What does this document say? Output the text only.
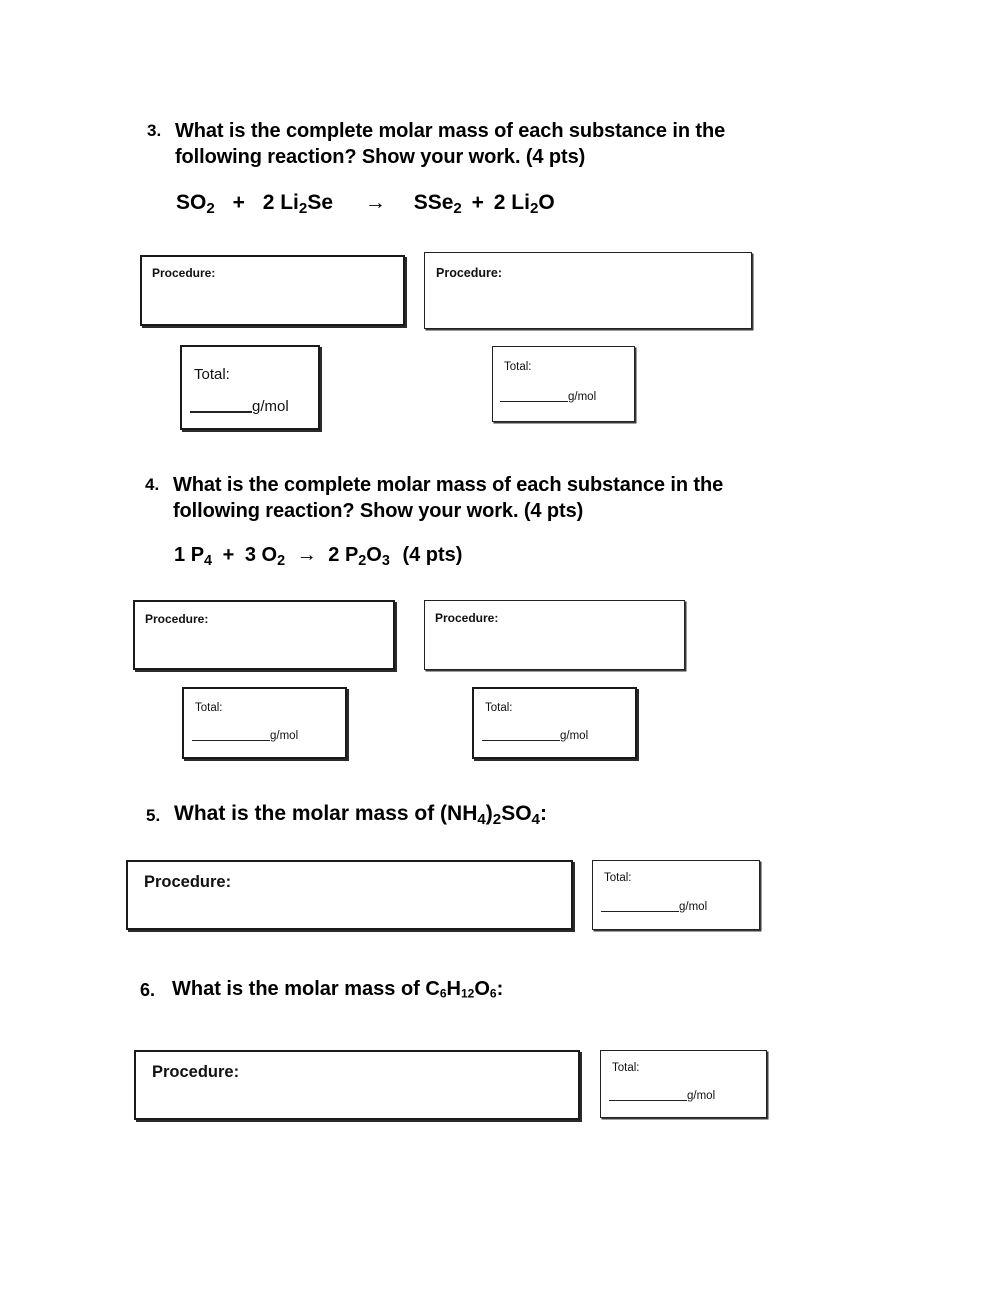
3. What is the complete molar mass of each substance in the
following reaction? Show your work. (4 pts)
$SO_2 + 2$ $Li_2Se \to SSe_2 + 2$ $Li_2O$
Procedure:	Procedure:
Total:
g/mol
Total:
g/mol
4. What is the complete molar mass of each substance in the
following reaction? Show your work. (4 pts)
1 $P_4 + 3$ $O_2 \to 2$ $P_2O_3$ (4 pts)
Procedure:	Procedure:
Total:
g/mol
Total:
g/mol
5. What is the molar mass of $(NH_4)_2SO_4$:
Procedure:	Total:
g/mol
6. What is the molar mass of C6H12O6:
Procedure:	Total:
g/mol
